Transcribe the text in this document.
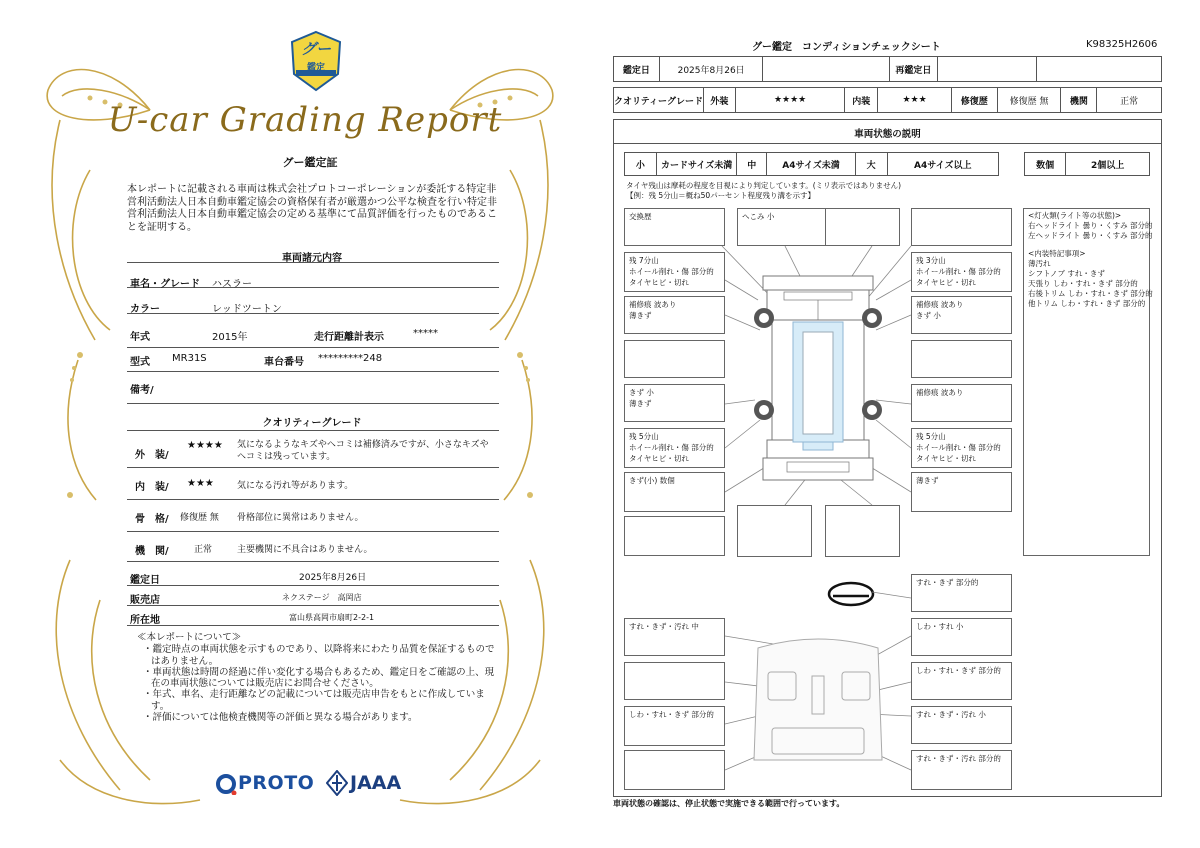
グー
鑑定
U-car Grading Report
グー鑑定証
本レポートに記載される車両は株式会社プロトコーポレーションが委託する特定非営利活動法人日本自動車鑑定協会の資格保有者が厳選かつ公平な検査を行い特定非営利活動法人日本自動車鑑定協会の定める基準にて品質評価を行ったものであることを証明する。
車両諸元内容
車名・グレード ハスラー
カラー	レッドツートン
年式	2015年	走行距離計表示	*****
型式 MR31S	車台番号 *********248
備考/
クオリティーグレード
外　装/
★★★★ 気になるようなキズやヘコミは補修済みですが、小さなキズやヘコミは残っています。
内　装/ ★★★	気になる汚れ等があります。
骨　格/ 修復歴 無 骨格部位に異常はありません。
機　関/	正常	主要機関に不具合はありません。
鑑定日	2025年8月26日
販売店	ネクステージ　高岡店
所在地	富山県高岡市扇町2-2-1
≪本レポートについて≫
・鑑定時点の車両状態を示すものであり、以降将来にわたり品質を保証するものではありません。
・車両状態は時間の経過に伴い変化する場合もあるため、鑑定日をご確認の上、現在の車両状態については販売店にお問合せください。
・年式、車名、走行距離などの記載については販売店申告をもとに作成しています。
・評価については他検査機関等の評価と異なる場合があります。
PROTO JAAA
グー鑑定　コンディションチェックシート	K98325H2606
鑑定日	2025年8月26日	再鑑定日
クオリティーグレード 外装	★★★★	内装	★★★	修復歴	修復歴 無	機関	正常
車両状態の説明
小	カードサイズ未満	中	A4サイズ未満	大	A4サイズ以上	数個	2個以上
タイヤ残山は摩耗の程度を目視により判定しています。(ミリ表示ではありません)
【例：残 5分山＝概ね50パーセント程度残り溝を示す】
交換歴	へこみ 小
残 7分山
ホイール削れ・傷 部分的
タイヤヒビ・切れ
残 3分山
ホイール削れ・傷 部分的
タイヤヒビ・切れ
補修痕 波あり
薄きず
補修痕 波あり
きず 小
きず 小
薄きず
補修痕 波あり
残 5分山
ホイール削れ・傷 部分的
タイヤヒビ・切れ
残 5分山
ホイール削れ・傷 部分的
タイヤヒビ・切れ
きず(小) 数個	薄きず
<灯火類(ライト等の状態)>
右ヘッドライト 曇り・くすみ 部分的
左ヘッドライト 曇り・くすみ 部分的
<内装特記事項>
薄汚れ
シフトノブ すれ・きず
天張り しわ・すれ・きず 部分的
右後トリム しわ・すれ・きず 部分的
他トリム しわ・すれ・きず 部分的
すれ・きず 部分的
すれ・きず・汚れ 中	しわ・すれ 小
しわ・すれ・きず 部分的
しわ・すれ・きず 部分的	すれ・きず・汚れ 小
すれ・きず・汚れ 部分的
車両状態の確認は、停止状態で実施できる範囲で行っています。
